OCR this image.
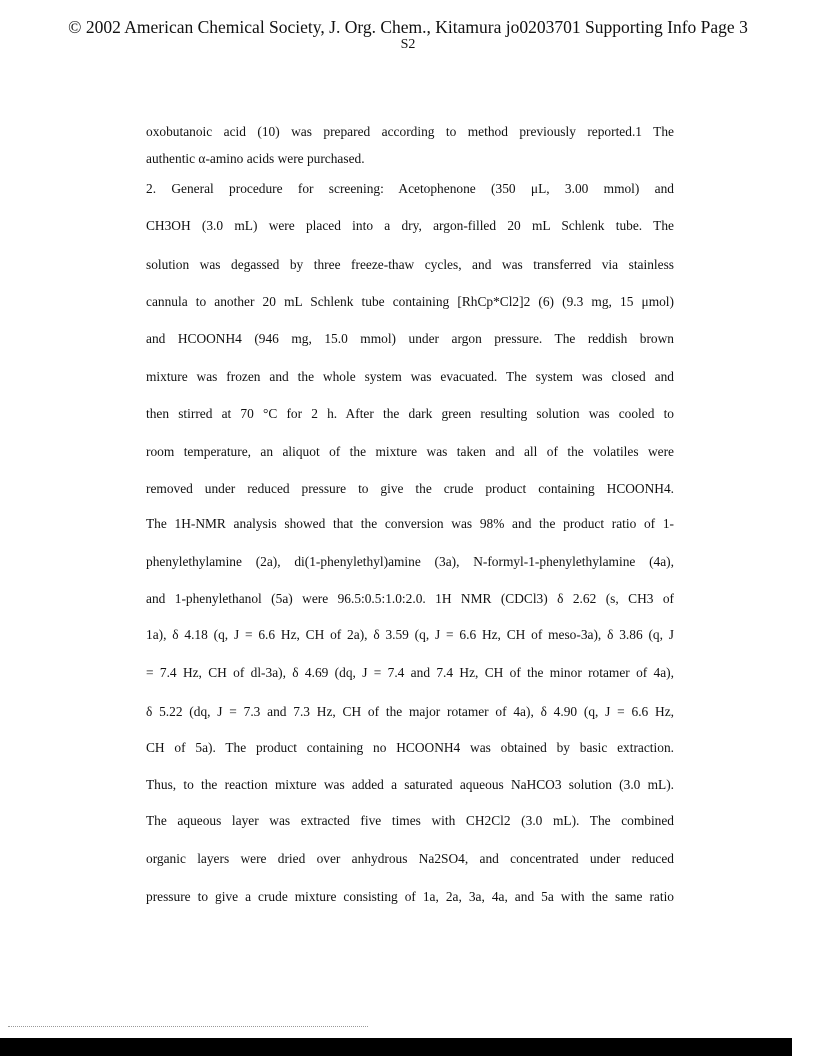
© 2002 American Chemical Society, J. Org. Chem., Kitamura jo0203701 Supporting Info Page 3
S2
oxobutanoic acid (10) was prepared according to method previously reported.1 The
authentic α-amino acids were purchased.
2. General procedure for screening: Acetophenone (350 μL, 3.00 mmol) and
CH3OH (3.0 mL) were placed into a dry, argon-filled 20 mL Schlenk tube. The
solution was degassed by three freeze-thaw cycles, and was transferred via stainless
cannula to another 20 mL Schlenk tube containing [RhCp*Cl2]2 (6) (9.3 mg, 15 μmol)
and HCOONH4 (946 mg, 15.0 mmol) under argon pressure. The reddish brown
mixture was frozen and the whole system was evacuated. The system was closed and
then stirred at 70 °C for 2 h. After the dark green resulting solution was cooled to
room temperature, an aliquot of the mixture was taken and all of the volatiles were
removed under reduced pressure to give the crude product containing HCOONH4.
The 1H-NMR analysis showed that the conversion was 98% and the product ratio of 1-
phenylethylamine (2a), di(1-phenylethyl)amine (3a), N-formyl-1-phenylethylamine (4a),
and 1-phenylethanol (5a) were 96.5:0.5:1.0:2.0. 1H NMR (CDCl3) δ 2.62 (s, CH3 of
1a), δ 4.18 (q, J = 6.6 Hz, CH of 2a), δ 3.59 (q, J = 6.6 Hz, CH of meso-3a), δ 3.86 (q, J
= 7.4 Hz, CH of dl-3a), δ 4.69 (dq, J = 7.4 and 7.4 Hz, CH of the minor rotamer of 4a),
δ 5.22 (dq, J = 7.3 and 7.3 Hz, CH of the major rotamer of 4a), δ 4.90 (q, J = 6.6 Hz,
CH of 5a). The product containing no HCOONH4 was obtained by basic extraction.
Thus, to the reaction mixture was added a saturated aqueous NaHCO3 solution (3.0 mL).
The aqueous layer was extracted five times with CH2Cl2 (3.0 mL). The combined
organic layers were dried over anhydrous Na2SO4, and concentrated under reduced
pressure to give a crude mixture consisting of 1a, 2a, 3a, 4a, and 5a with the same ratio
